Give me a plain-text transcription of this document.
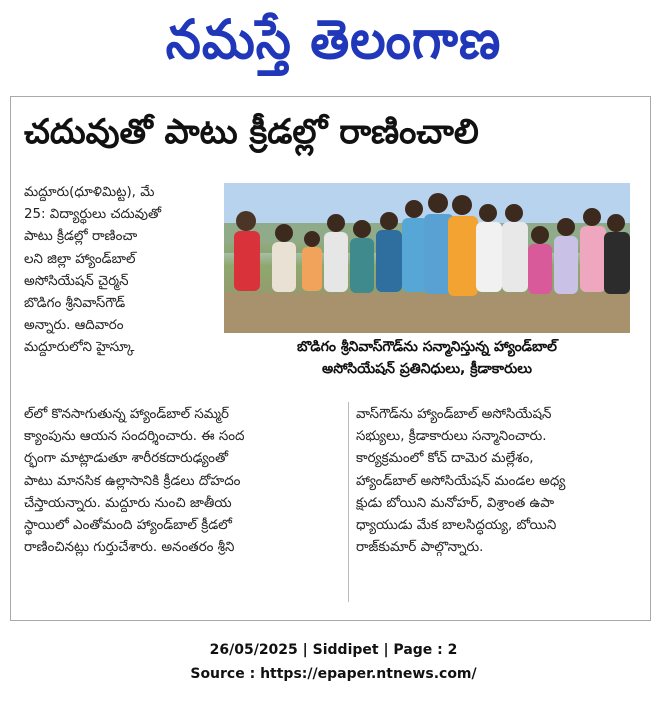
నమస్తే తెలంగాణ
చదువుతో పాటు క్రీడల్లో రాణించాలి
మద్దూరు(ధూళిమిట్ట), మే
25: విద్యార్థులు చదువుతో
పాటు క్రీడల్లో రాణించా
లని జిల్లా హ్యాండ్‌బాల్
అసోసియేషన్ చైర్మన్
బొడిగం శ్రీనివాస్‌గౌడ్
అన్నారు. ఆదివారం
మద్దూరులోని హైస్కూ	బొడిగం శ్రీనివాస్‌గౌడ్‌ను సన్మానిస్తున్న హ్యాండ్‌బాల్
అసోసియేషన్ ప్రతినిధులు, క్రీడాకారులు
ల్‌లో కొనసాగుతున్న హ్యాండ్‌బాల్ సమ్మర్
క్యాంపును ఆయన సందర్శించారు. ఈ సంద
ర్భంగా మాట్లాడుతూ శారీరకదారుఢ్యంతో
పాటు మానసిక ఉల్లాసానికి క్రీడలు దోహదం
చేస్తాయన్నారు. మద్దూరు నుంచి జాతీయ
స్థాయిలో ఎంతోమంది హ్యాండ్‌బాల్ క్రీడలో
రాణించినట్లు గుర్తుచేశారు. అనంతరం శ్రీని
వాస్‌గౌడ్‌ను హ్యాండ్‌బాల్ అసోసియేషన్
సభ్యులు, క్రీడాకారులు సన్మానించారు.
కార్యక్రమంలో కోచ్ దామెర మల్లేశం,
హ్యాండ్‌బాల్ అసోసియేషన్ మండల అధ్య
క్షుడు బోయిని మనోహర్, విశ్రాంత ఉపా
ధ్యాయుడు మేక బాలసిద్ధయ్య, బోయిని
రాజ్‌కుమార్ పాల్గొన్నారు.
26/05/2025 | Siddipet | Page : 2
Source : https://epaper.ntnews.com/
